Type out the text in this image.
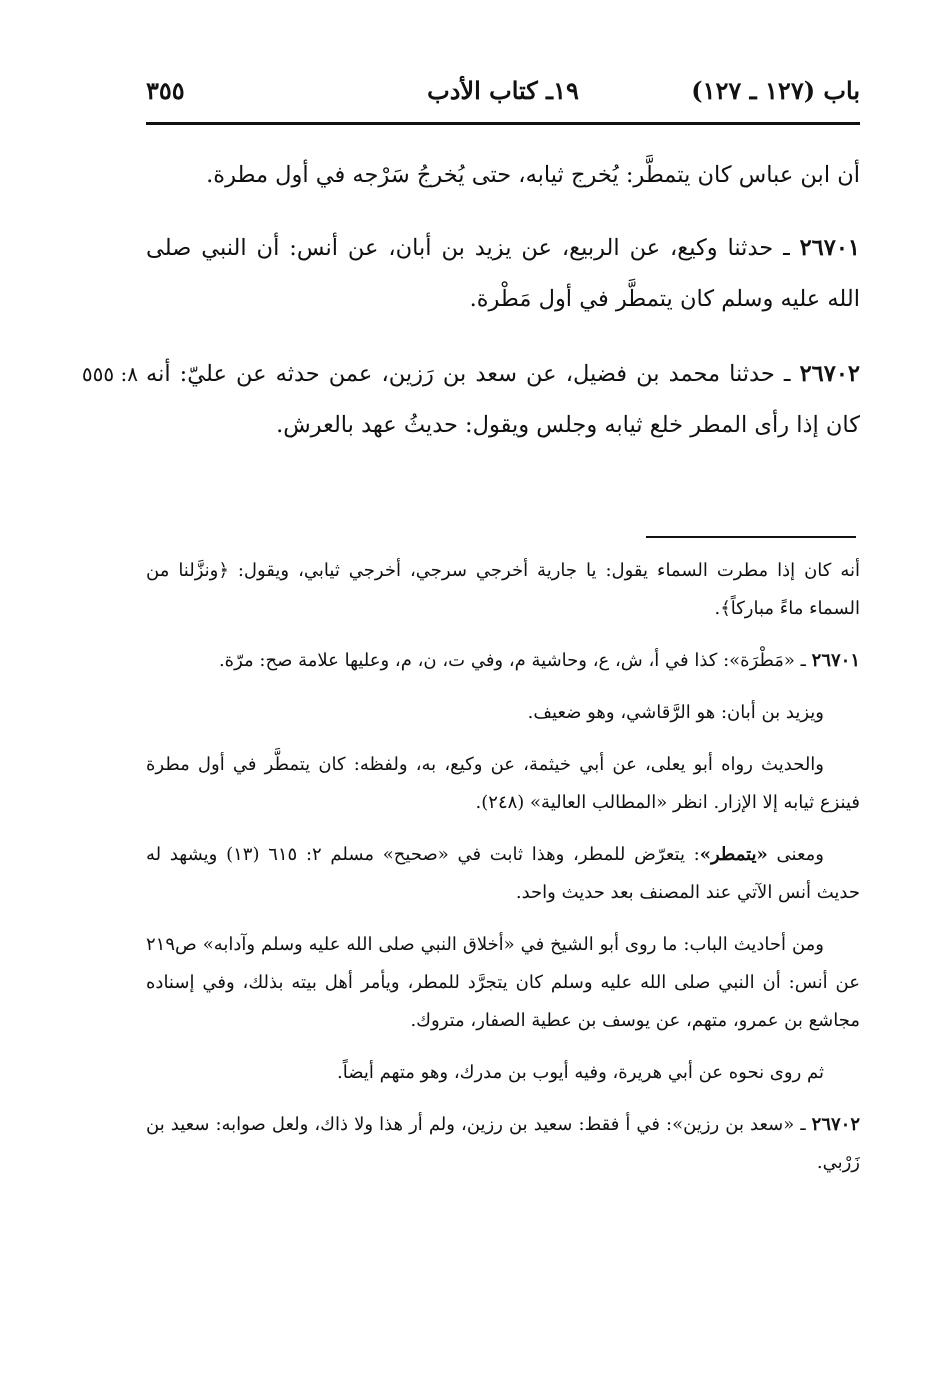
باب (١٢٧ ـ ١٢٧)
١٩ـ كتاب الأدب
٣٥٥

أن ابن عباس كان يتمطَّر: يُخرج ثيابه، حتى يُخرجُ سَرْجه في أول مطرة.

٢٦٧٠١ ـ حدثنا وكيع، عن الربيع، عن يزيد بن أبان، عن أنس: أن النبي صلى الله عليه وسلم كان يتمطَّر في أول مَطْرة.

٨: ٥٥٥	٢٦٧٠٢ ـ حدثنا محمد بن فضيل، عن سعد بن رَزين، عمن حدثه عن عليّ: أنه كان إذا رأى المطر خلع ثيابه وجلس ويقول: حديثُ عهد بالعرش.

أنه كان إذا مطرت السماء يقول: يا جارية أخرجي سرجي، أخرجي ثيابي، ويقول: ﴿ونزَّلنا من السماء ماءً مباركاً﴾.

٢٦٧٠١ ـ «مَطْرَة»: كذا في أ، ش، ع، وحاشية م، وفي ت، ن، م، وعليها علامة صح: مرّة.

ويزيد بن أبان: هو الرَّقاشي، وهو ضعيف.

والحديث رواه أبو يعلى، عن أبي خيثمة، عن وكيع، به، ولفظه: كان يتمطَّر في أول مطرة فينزع ثيابه إلا الإزار. انظر «المطالب العالية» (٢٤٨).

ومعنى «يتمطر»: يتعرّض للمطر، وهذا ثابت في «صحيح» مسلم ٢: ٦١٥ (١٣) ويشهد له حديث أنس الآتي عند المصنف بعد حديث واحد.

ومن أحاديث الباب: ما روى أبو الشيخ في «أخلاق النبي صلى الله عليه وسلم وآدابه» ص٢١٩ عن أنس: أن النبي صلى الله عليه وسلم كان يتجرَّد للمطر، ويأمر أهل بيته بذلك، وفي إسناده مجاشع بن عمرو، متهم، عن يوسف بن عطية الصفار، متروك.

ثم روى نحوه عن أبي هريرة، وفيه أيوب بن مدرك، وهو متهم أيضاً.

٢٦٧٠٢ ـ «سعد بن رزين»: في أ فقط: سعيد بن رزين، ولم أر هذا ولا ذاك، ولعل صوابه: سعيد بن زَرْبي.
